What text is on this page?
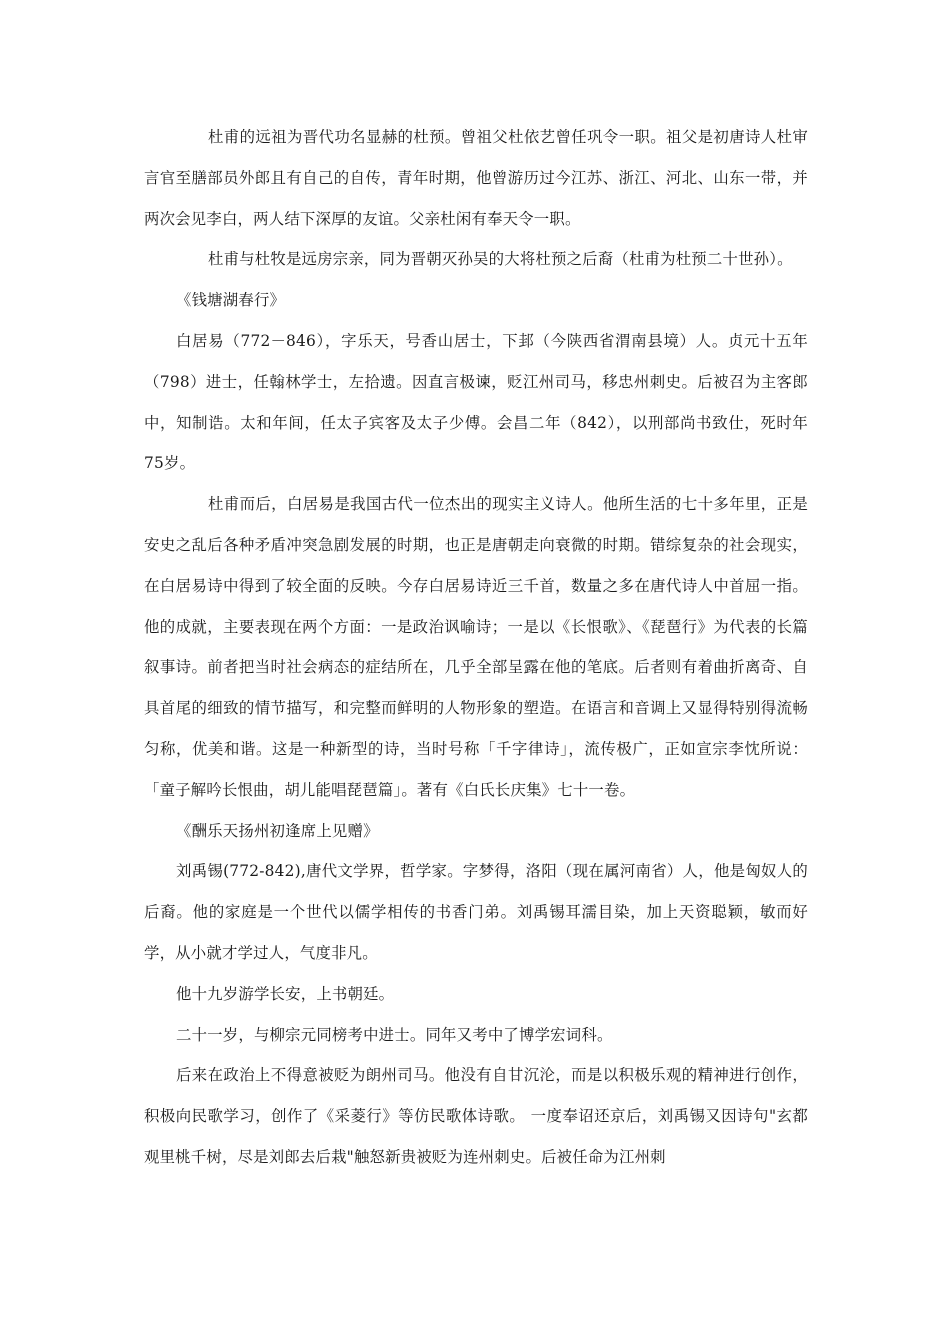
杜甫的远祖为晋代功名显赫的杜预。曾祖父杜依艺曾任巩令一职。祖父是初唐诗人杜审言官至膳部员外郎且有自己的自传，青年时期，他曾游历过今江苏、浙江、河北、山东一带，并两次会见李白，两人结下深厚的友谊。父亲杜闲有奉天令一职。

杜甫与杜牧是远房宗亲，同为晋朝灭孙吴的大将杜预之后裔（杜甫为杜预二十世孙）。

《钱塘湖春行》

白居易（772－846），字乐天，号香山居士，下邽（今陕西省渭南县境）人。贞元十五年（798）进士，任翰林学士，左拾遗。因直言极谏，贬江州司马，移忠州刺史。后被召为主客郎中，知制诰。太和年间，任太子宾客及太子少傅。会昌二年（842），以刑部尚书致仕，死时年75岁。

杜甫而后，白居易是我国古代一位杰出的现实主义诗人。他所生活的七十多年里，正是安史之乱后各种矛盾冲突急剧发展的时期，也正是唐朝走向衰微的时期。错综复杂的社会现实，在白居易诗中得到了较全面的反映。今存白居易诗近三千首，数量之多在唐代诗人中首屈一指。他的成就，主要表现在两个方面：一是政治讽喻诗；一是以《长恨歌》、《琵琶行》为代表的长篇叙事诗。前者把当时社会病态的症结所在，几乎全部呈露在他的笔底。后者则有着曲折离奇、自具首尾的细致的情节描写，和完整而鲜明的人物形象的塑造。在语言和音调上又显得特别得流畅匀称，优美和谐。这是一种新型的诗，当时号称「千字律诗」，流传极广，正如宣宗李忱所说：「童子解吟长恨曲，胡儿能唱琵琶篇」。著有《白氏长庆集》七十一卷。

《酬乐天扬州初逢席上见赠》

刘禹锡(772-842),唐代文学界，哲学家。字梦得，洛阳（现在属河南省）人，他是匈奴人的后裔。他的家庭是一个世代以儒学相传的书香门弟。刘禹锡耳濡目染，加上天资聪颖，敏而好学，从小就才学过人，气度非凡。

他十九岁游学长安，上书朝廷。

二十一岁，与柳宗元同榜考中进士。同年又考中了博学宏词科。

后来在政治上不得意被贬为朗州司马。他没有自甘沉沦，而是以积极乐观的精神进行创作，积极向民歌学习，创作了《采菱行》等仿民歌体诗歌。 一度奉诏还京后，刘禹锡又因诗句"玄都观里桃千树，尽是刘郎去后栽"触怒新贵被贬为连州刺史。后被任命为江州刺
